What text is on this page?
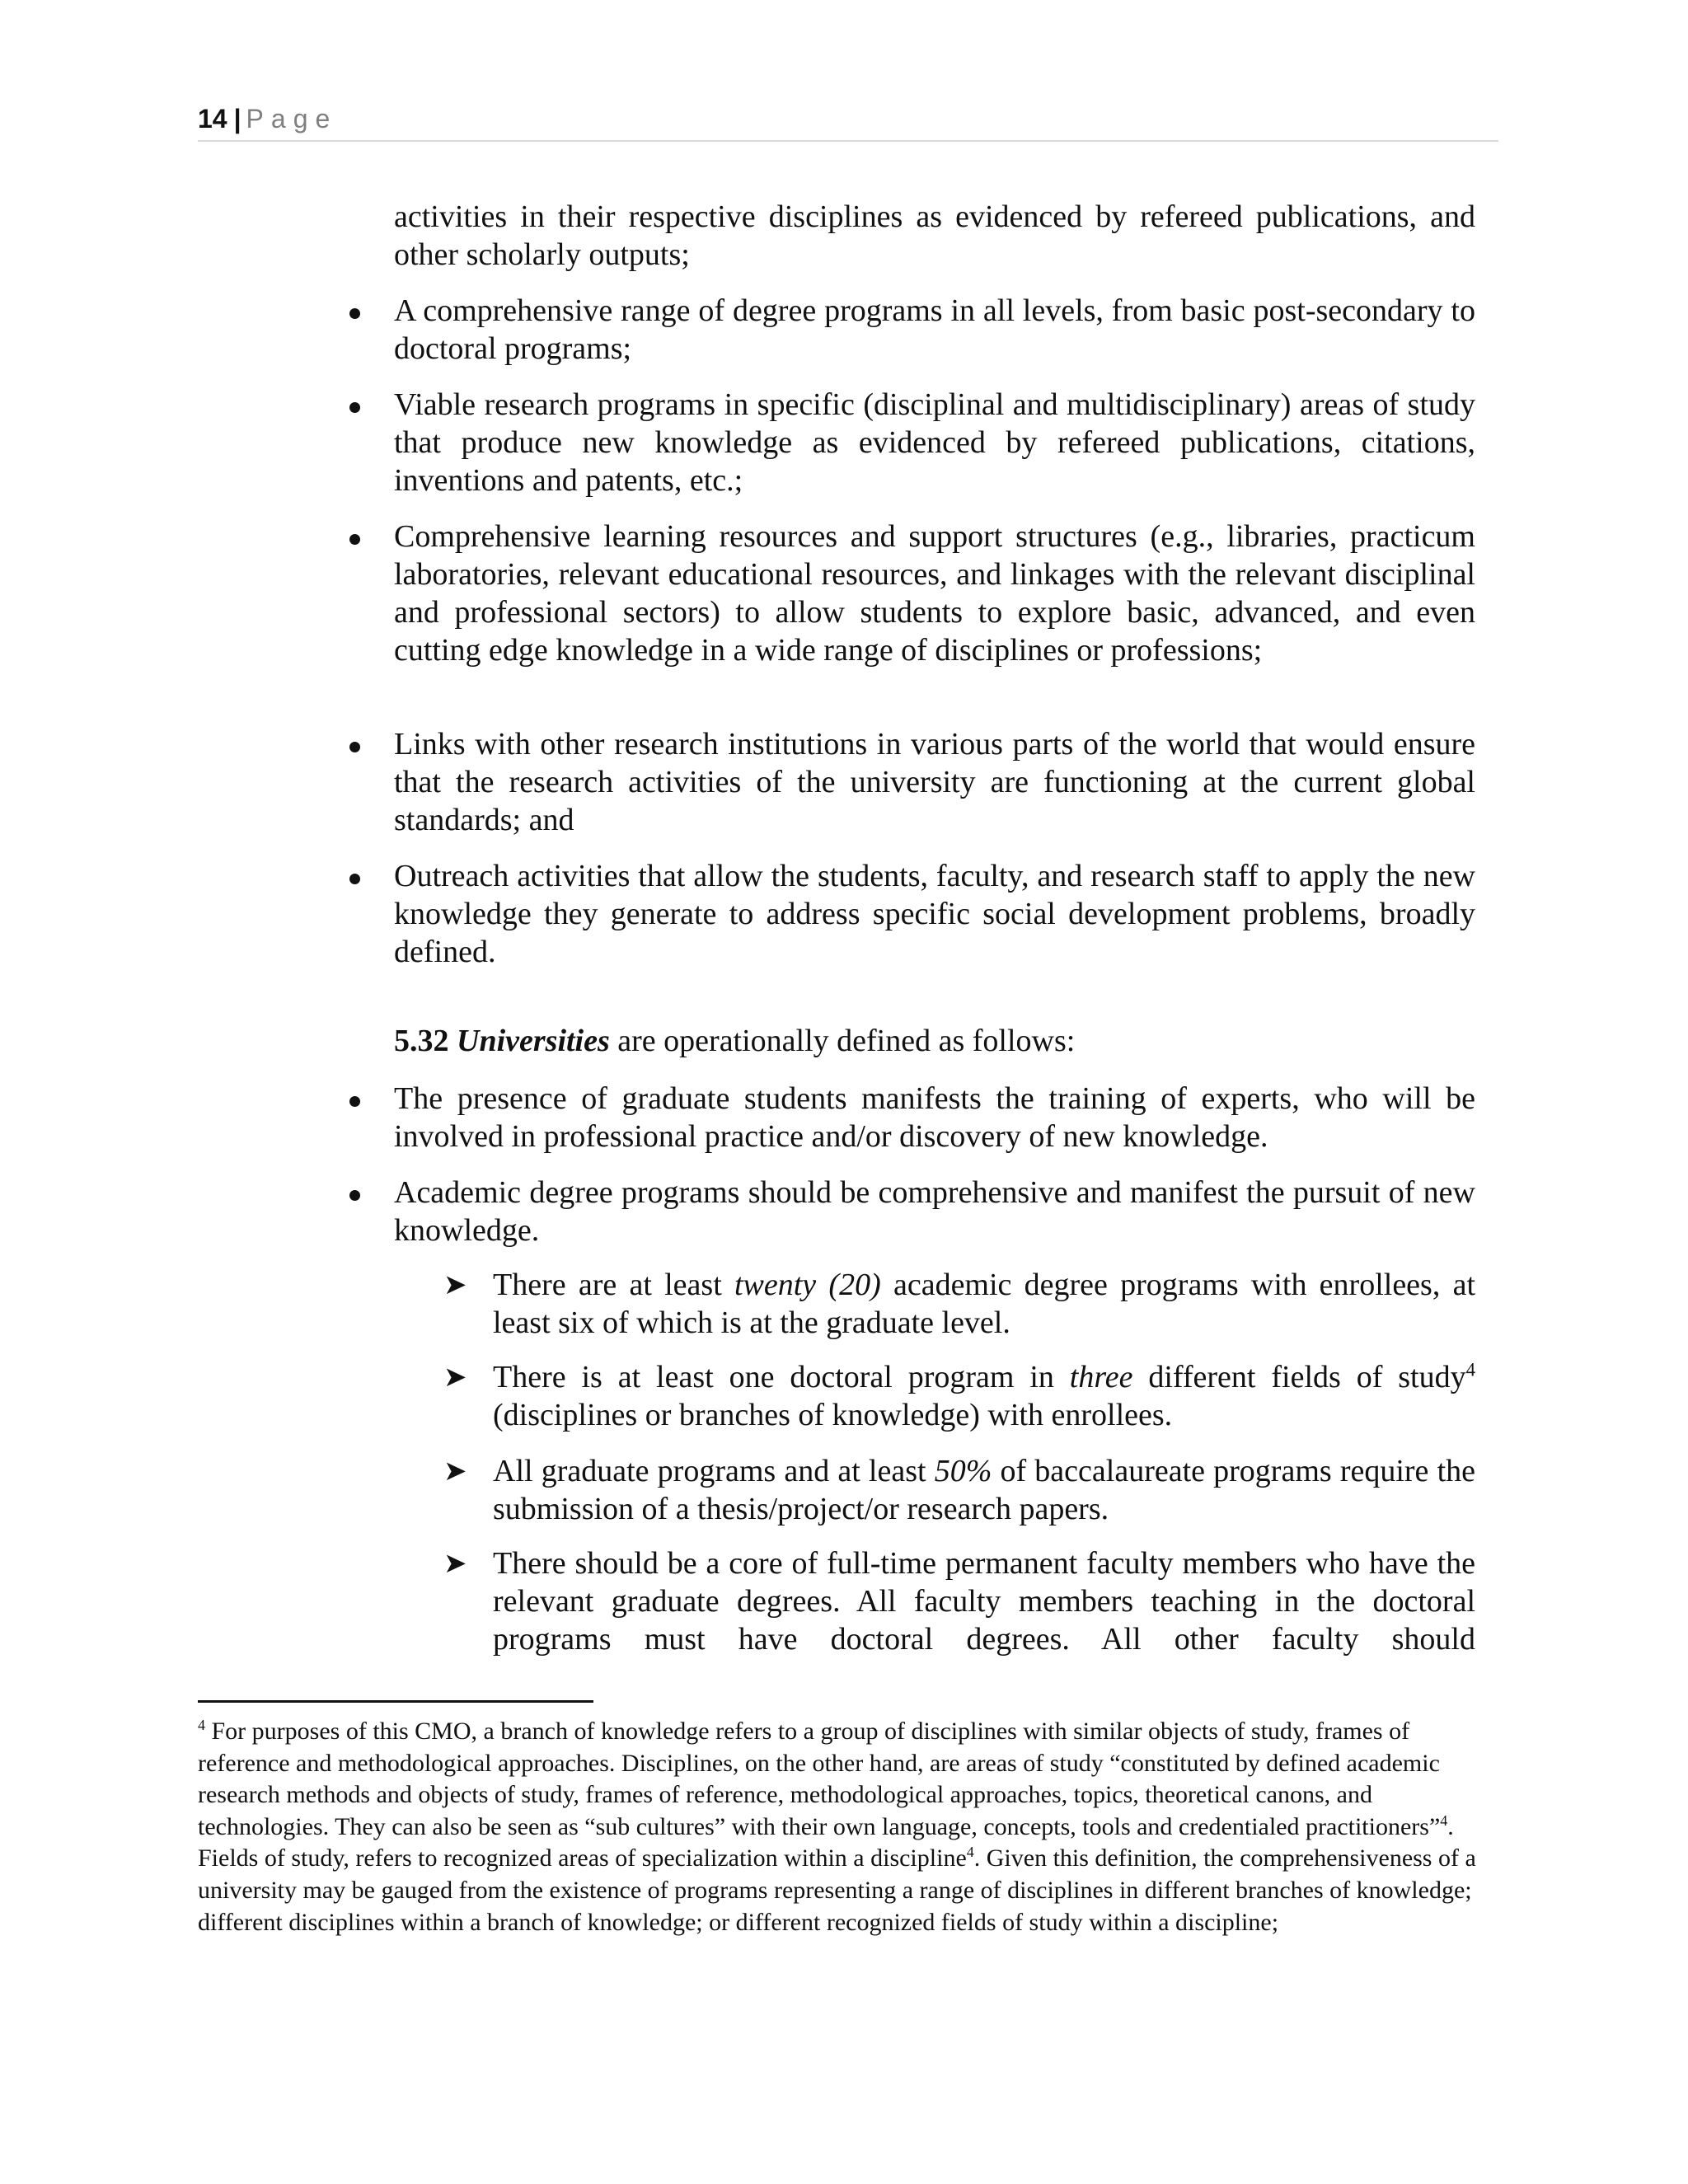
14 | Page

activities in their respective disciplines as evidenced by refereed publications, and other scholarly outputs;

A comprehensive range of degree programs in all levels, from basic post-secondary to doctoral programs;

Viable research programs in specific (disciplinal and multidisciplinary) areas of study that produce new knowledge as evidenced by refereed publications, citations, inventions and patents, etc.;

Comprehensive learning resources and support structures (e.g., libraries, practicum laboratories, relevant educational resources, and linkages with the relevant disciplinal and professional sectors) to allow students to explore basic, advanced, and even cutting edge knowledge in a wide range of disciplines or professions;

Links with other research institutions in various parts of the world that would ensure that the research activities of the university are functioning at the current global standards; and

Outreach activities that allow the students, faculty, and research staff to apply the new knowledge they generate to address specific social development problems, broadly defined.

5.32 Universities are operationally defined as follows:

The presence of graduate students manifests the training of experts, who will be involved in professional practice and/or discovery of new knowledge.

Academic degree programs should be comprehensive and manifest the pursuit of new knowledge.

➤ There are at least twenty (20) academic degree programs with enrollees, at least six of which is at the graduate level.

➤ There is at least one doctoral program in three different fields of study$^4$ (disciplines or branches of knowledge) with enrollees.

➤ All graduate programs and at least 50% of baccalaureate programs require the submission of a thesis/project/or research papers.

➤ There should be a core of full-time permanent faculty members who have the relevant graduate degrees. All faculty members teaching in the doctoral programs must have doctoral degrees. All other faculty should

$^4$ For purposes of this CMO, a branch of knowledge refers to a group of disciplines with similar objects of study, frames of reference and methodological approaches. Disciplines, on the other hand, are areas of study “constituted by defined academic research methods and objects of study, frames of reference, methodological approaches, topics, theoretical canons, and technologies. They can also be seen as “sub cultures” with their own language, concepts, tools and credentialed practitioners”$^4$. Fields of study, refers to recognized areas of specialization within a discipline$^4$. Given this definition, the comprehensiveness of a university may be gauged from the existence of programs representing a range of disciplines in different branches of knowledge; different disciplines within a branch of knowledge; or different recognized fields of study within a discipline;
